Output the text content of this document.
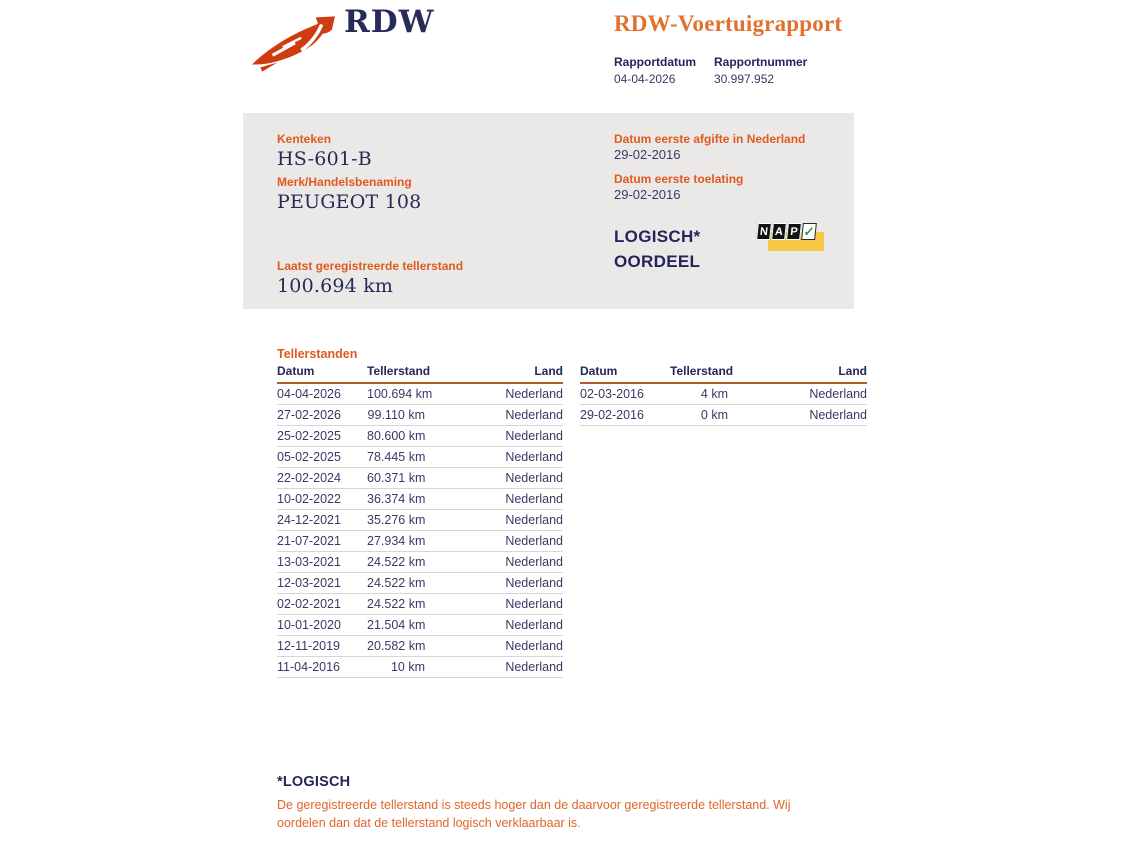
RDW	RDW-Voertuigrapport
Rapportdatum
04-04-2026
Rapportnummer
30.997.952
Kenteken
HS-601-B
Merk/Handelsbenaming
PEUGEOT 108
Laatst geregistreerde tellerstand
100.694 km
Datum eerste afgifte in Nederland
29-02-2016
Datum eerste toelating
29-02-2016
LOGISCH*
OORDEEL
N A P ✓
Tellerstanden
Datum	Tellerstand	Land
04-04-2026	100.694 km	Nederland
27-02-2026	99.110 km	Nederland
25-02-2025	80.600 km	Nederland
05-02-2025	78.445 km	Nederland
22-02-2024	60.371 km	Nederland
10-02-2022	36.374 km	Nederland
24-12-2021	35.276 km	Nederland
21-07-2021	27.934 km	Nederland
13-03-2021	24.522 km	Nederland
12-03-2021	24.522 km	Nederland
02-02-2021	24.522 km	Nederland
10-01-2020	21.504 km	Nederland
12-11-2019	20.582 km	Nederland
11-04-2016	10 km	Nederland
Datum	Tellerstand	Land
02-03-2016	4 km	Nederland
29-02-2016	0 km	Nederland
*LOGISCH
De geregistreerde tellerstand is steeds hoger dan de daarvoor geregistreerde tellerstand. Wij oordelen dan dat de tellerstand logisch verklaarbaar is.
